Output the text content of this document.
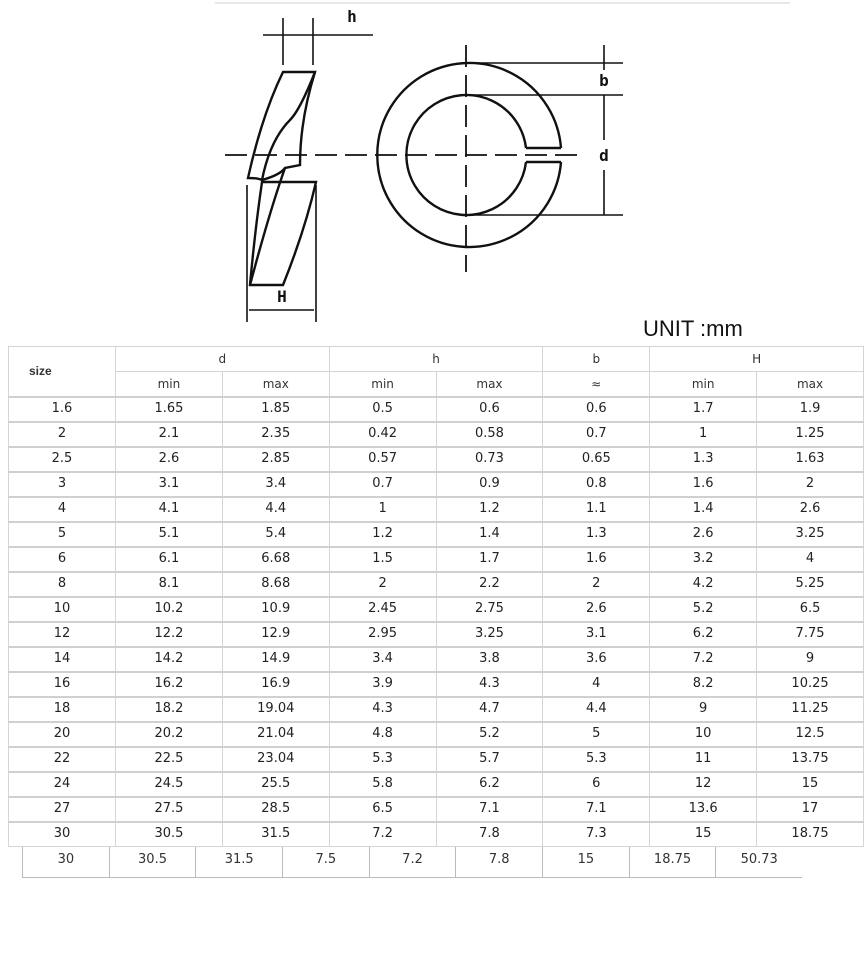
h
H
b
d
UNIT :mm
size	d		h		b	H	
	min	max	min	max	≈	min	max
1.6	1.65	1.85	0.5	0.6	0.6	1.7	1.9
2	2.1	2.35	0.42	0.58	0.7	1	1.25
2.5	2.6	2.85	0.57	0.73	0.65	1.3	1.63
3	3.1	3.4	0.7	0.9	0.8	1.6	2
4	4.1	4.4	1	1.2	1.1	1.4	2.6
5	5.1	5.4	1.2	1.4	1.3	2.6	3.25
6	6.1	6.68	1.5	1.7	1.6	3.2	4
8	8.1	8.68	2	2.2	2	4.2	5.25
10	10.2	10.9	2.45	2.75	2.6	5.2	6.5
12	12.2	12.9	2.95	3.25	3.1	6.2	7.75
14	14.2	14.9	3.4	3.8	3.6	7.2	9
16	16.2	16.9	3.9	4.3	4	8.2	10.25
18	18.2	19.04	4.3	4.7	4.4	9	11.25
20	20.2	21.04	4.8	5.2	5	10	12.5
22	22.5	23.04	5.3	5.7	5.3	11	13.75
24	24.5	25.5	5.8	6.2	6	12	15
27	27.5	28.5	6.5	7.1	7.1	13.6	17
30	30.5	31.5	7.2	7.8	7.3	15	18.75
30	30.5	31.5	7.5	7.2	7.8	15	18.75	50.73
